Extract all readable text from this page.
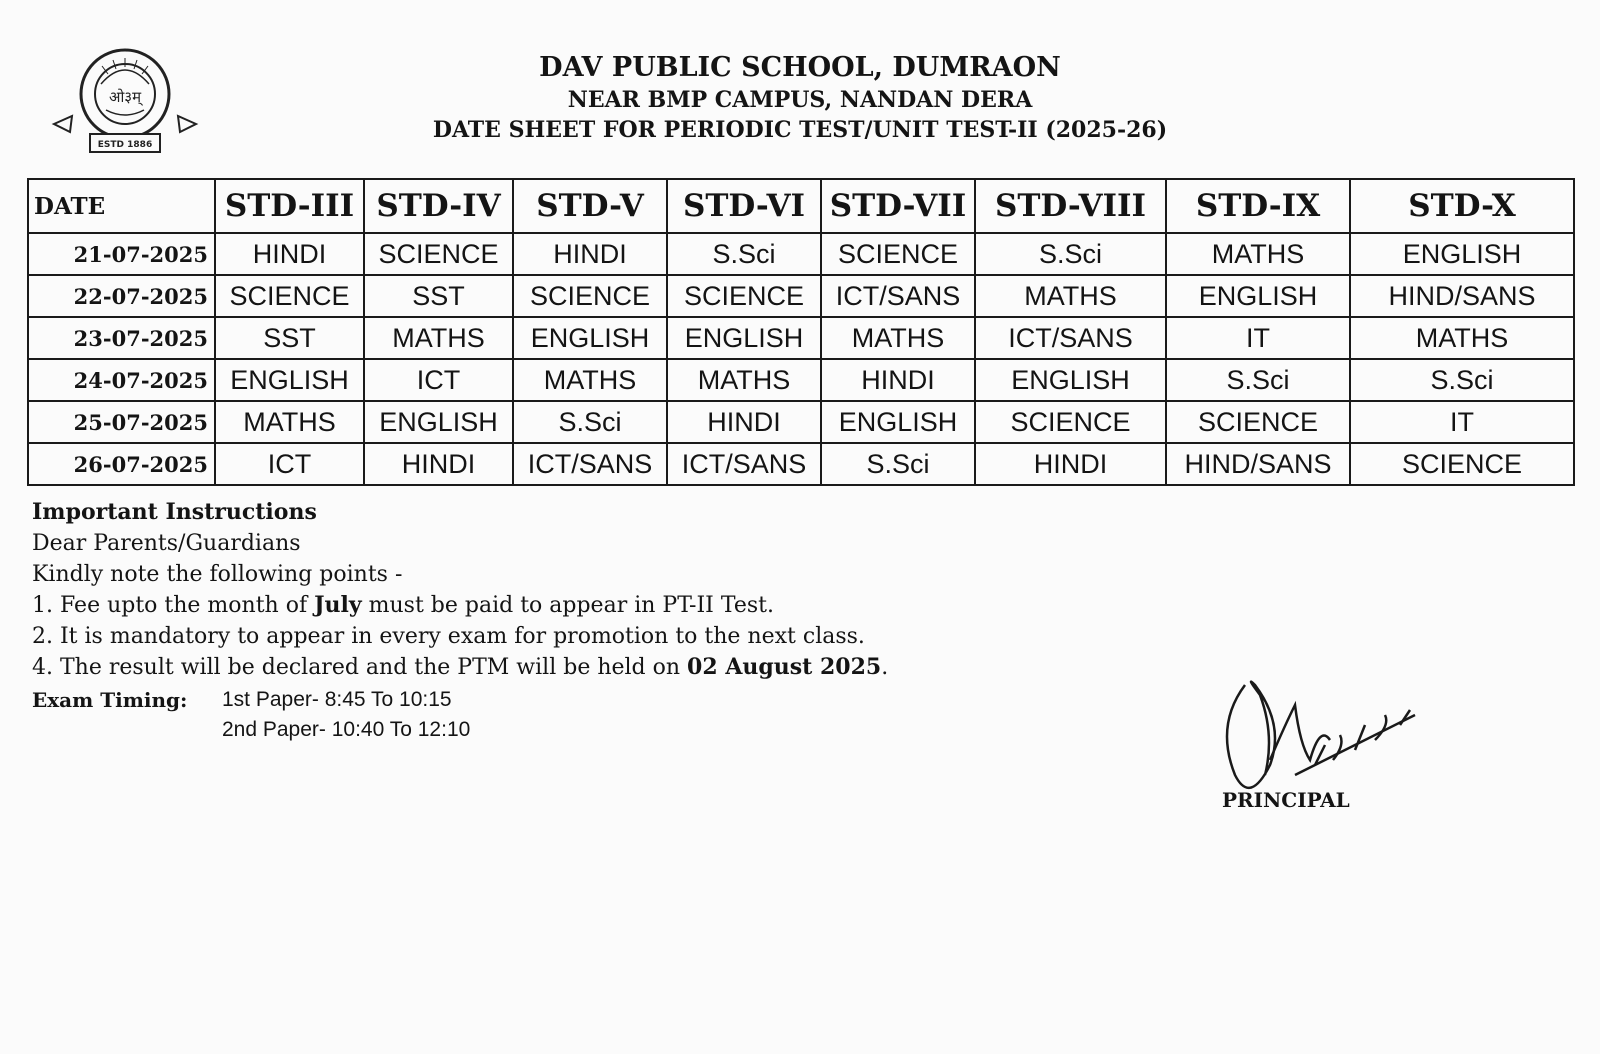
ओ३म्
ESTD 1886
DAV PUBLIC SCHOOL, DUMRAON
NEAR BMP CAMPUS, NANDAN DERA
DATE SHEET FOR PERIODIC TEST/UNIT TEST-II (2025-26)
DATE	STD-III	STD-IV	STD-V	STD-VI	STD-VII	STD-VIII	STD-IX	STD-X
21-07-2025	HINDI	SCIENCE	HINDI	S.Sci	SCIENCE	S.Sci	MATHS	ENGLISH
22-07-2025	SCIENCE	SST	SCIENCE	SCIENCE	ICT/SANS	MATHS	ENGLISH	HIND/SANS
23-07-2025	SST	MATHS	ENGLISH	ENGLISH	MATHS	ICT/SANS	IT	MATHS
24-07-2025	ENGLISH	ICT	MATHS	MATHS	HINDI	ENGLISH	S.Sci	S.Sci
25-07-2025	MATHS	ENGLISH	S.Sci	HINDI	ENGLISH	SCIENCE	SCIENCE	IT
26-07-2025	ICT	HINDI	ICT/SANS	ICT/SANS	S.Sci	HINDI	HIND/SANS	SCIENCE
Important Instructions
Dear Parents/Guardians
Kindly note the following points -
1. Fee upto the month of July must be paid to appear in PT-II Test.
2. It is mandatory to appear in every exam for promotion to the next class.
4. The result will be declared and the PTM will be held on 02 August 2025.
Exam Timing:	1st Paper- 8:45 To 10:15
2nd Paper- 10:40 To 12:10
PRINCIPAL
